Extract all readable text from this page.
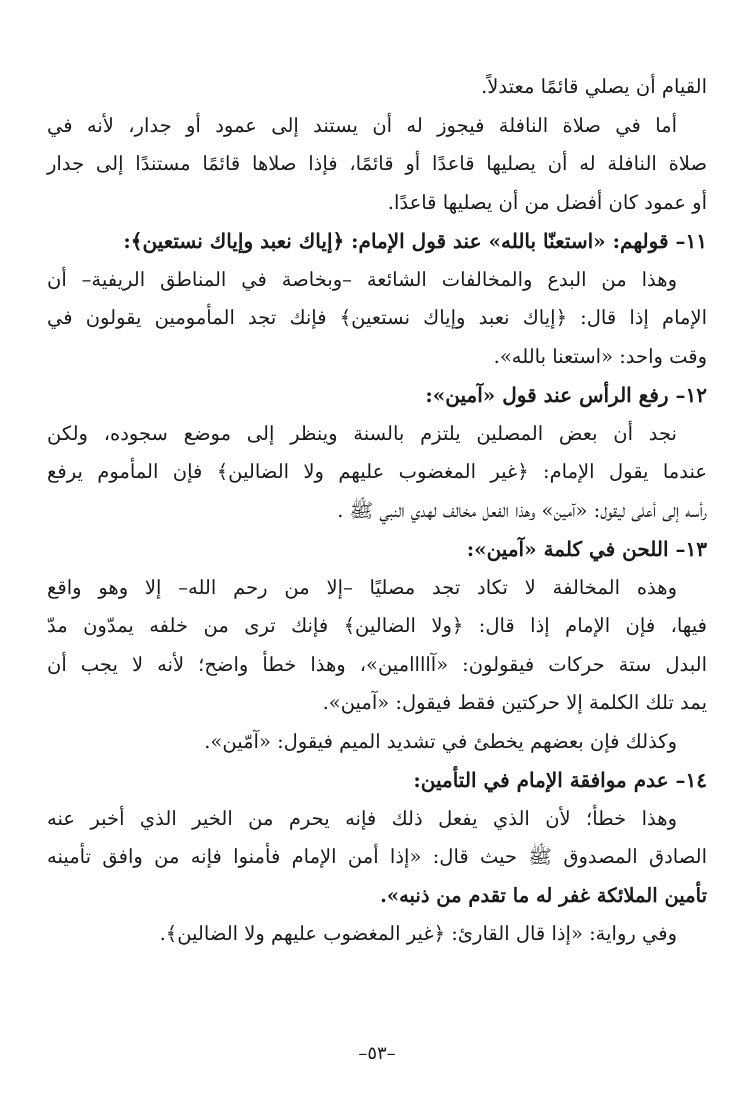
القيام أن يصلي قائمًا معتدلاً.
أما في صلاة النافلة فيجوز له أن يستند إلى عمود أو جدار، لأنه في
صلاة النافلة له أن يصليها قاعدًا أو قائمًا، فإذا صلاها قائمًا مستندًا إلى جدار
أو عمود كان أفضل من أن يصليها قاعدًا.
١١– قولهم: «استعنّا بالله» عند قول الإمام: ﴿إياك نعبد وإياك نستعين﴾:
وهذا من البدع والمخالفات الشائعة –وبخاصة في المناطق الريفية– أن
الإمام إذا قال: ﴿إياك نعبد وإياك نستعين﴾ فإنك تجد المأمومين يقولون في
وقت واحد: «استعنا بالله».
١٢– رفع الرأس عند قول «آمين»:
نجد أن بعض المصلين يلتزم بالسنة وينظر إلى موضع سجوده، ولكن
عندما يقول الإمام: ﴿غير المغضوب عليهم ولا الضالين﴾ فإن المأموم يرفع
رأسه إلى أعلى ليقول: «آمين» وهذا الفعل مخالف لهدي النبي ﷺ .
١٣– اللحن في كلمة «آمين»:
وهذه المخالفة لا تكاد تجد مصليًا –إلا من رحم الله– إلا وهو واقع
فيها، فإن الإمام إذا قال: ﴿ولا الضالين﴾ فإنك ترى من خلفه يمدّون مدّ
البدل ستة حركات فيقولون: «آاااامين»، وهذا خطأ واضح؛ لأنه لا يجب أن
يمد تلك الكلمة إلا حركتين فقط فيقول: «آمين».
وكذلك فإن بعضهم يخطئ في تشديد الميم فيقول: «آمّين».
١٤– عدم موافقة الإمام في التأمين:
وهذا خطأ؛ لأن الذي يفعل ذلك فإنه يحرم من الخير الذي أخبر عنه
الصادق المصدوق ﷺ حيث قال: «إذا أمن الإمام فأمنوا فإنه من وافق تأمينه
تأمين الملائكة غفر له ما تقدم من ذنبه».
وفي رواية: «إذا قال القارئ: ﴿غير المغضوب عليهم ولا الضالين﴾.
–٥٣–
